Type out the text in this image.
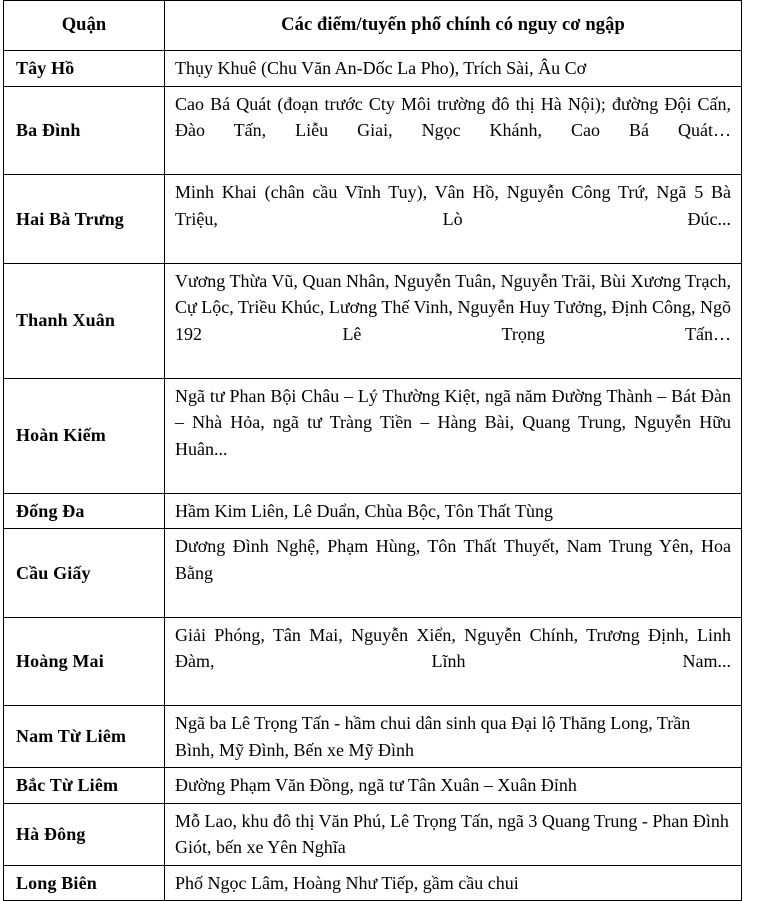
Quận	Các điểm/tuyến phố chính có nguy cơ ngập

Tây Hồ	Thụy Khuê (Chu Văn An-Dốc La Pho), Trích Sài, Âu Cơ

Ba Đình	Cao Bá Quát (đoạn trước Cty Môi trường đô thị Hà Nội); đường Đội Cấn, Đào Tấn, Liễu Giai, Ngọc Khánh, Cao Bá Quát…

Hai Bà Trưng	Minh Khai (chân cầu Vĩnh Tuy), Vân Hồ, Nguyễn Công Trứ, Ngã 5 Bà Triệu, Lò Đúc...

Thanh Xuân	Vương Thừa Vũ, Quan Nhân, Nguyễn Tuân, Nguyễn Trãi, Bùi Xương Trạch, Cự Lộc, Triều Khúc, Lương Thế Vinh, Nguyễn Huy Tưởng, Định Công, Ngõ 192 Lê Trọng Tấn…

Hoàn Kiếm	Ngã tư Phan Bội Châu – Lý Thường Kiệt, ngã năm Đường Thành – Bát Đàn – Nhà Hỏa, ngã tư Tràng Tiền – Hàng Bài, Quang Trung, Nguyễn Hữu Huân...

Đống Đa	Hầm Kim Liên, Lê Duẩn, Chùa Bộc, Tôn Thất Tùng

Cầu Giấy	Dương Đình Nghệ, Phạm Hùng, Tôn Thất Thuyết, Nam Trung Yên, Hoa Bằng

Hoàng Mai	Giải Phóng, Tân Mai, Nguyễn Xiển, Nguyễn Chính, Trương Định, Linh Đàm, Lĩnh Nam...

Nam Từ Liêm	Ngã ba Lê Trọng Tấn - hầm chui dân sinh qua Đại lộ Thăng Long, Trần Bình, Mỹ Đình, Bến xe Mỹ Đình

Bắc Từ Liêm	Đường Phạm Văn Đồng, ngã tư Tân Xuân – Xuân Đỉnh

Hà Đông	Mỗ Lao, khu đô thị Văn Phú, Lê Trọng Tấn, ngã 3 Quang Trung - Phan Đình Giót, bến xe Yên Nghĩa

Long Biên	Phố Ngọc Lâm, Hoàng Như Tiếp, gầm cầu chui
